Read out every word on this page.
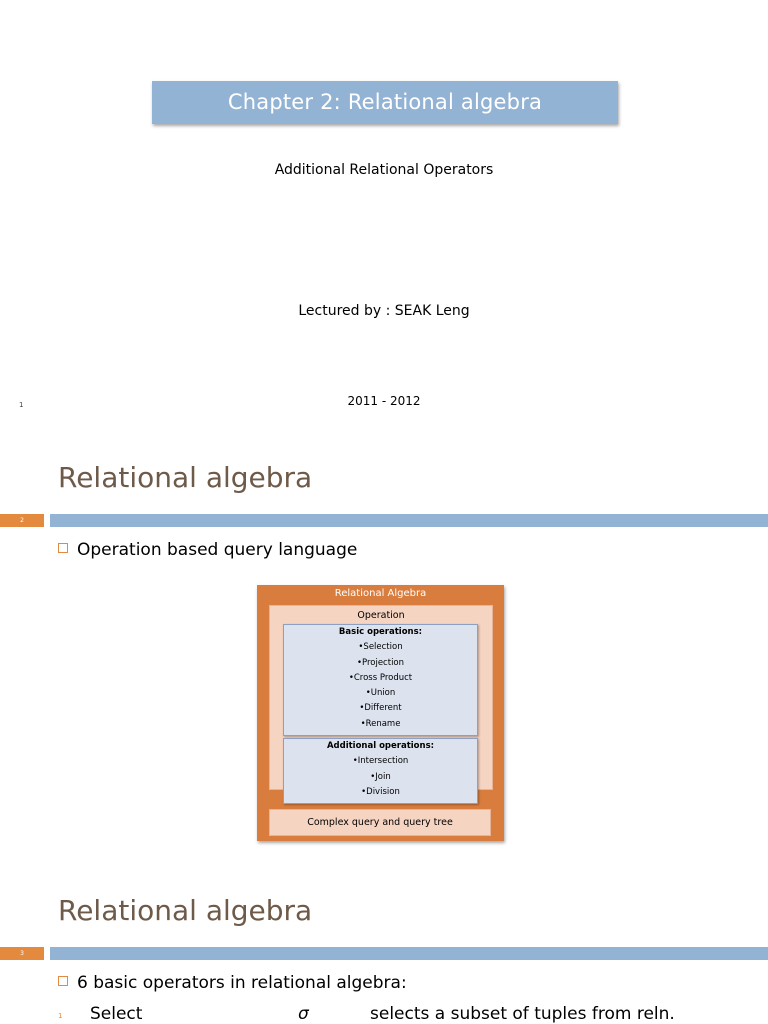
Chapter 2: Relational algebra
Additional Relational Operators
Lectured by : SEAK Leng
2011 - 2012
1
Relational algebra
2
Operation based query language
Relational Algebra
Operation
Basic operations:
•Selection
•Projection
•Cross Product
•Union
•Different
•Rename
Additional operations:
•Intersection
•Join
•Division
Complex query and query tree
Relational algebra
3
6 basic operators in relational algebra:
1 Select	σ	selects a subset of tuples from reln.
